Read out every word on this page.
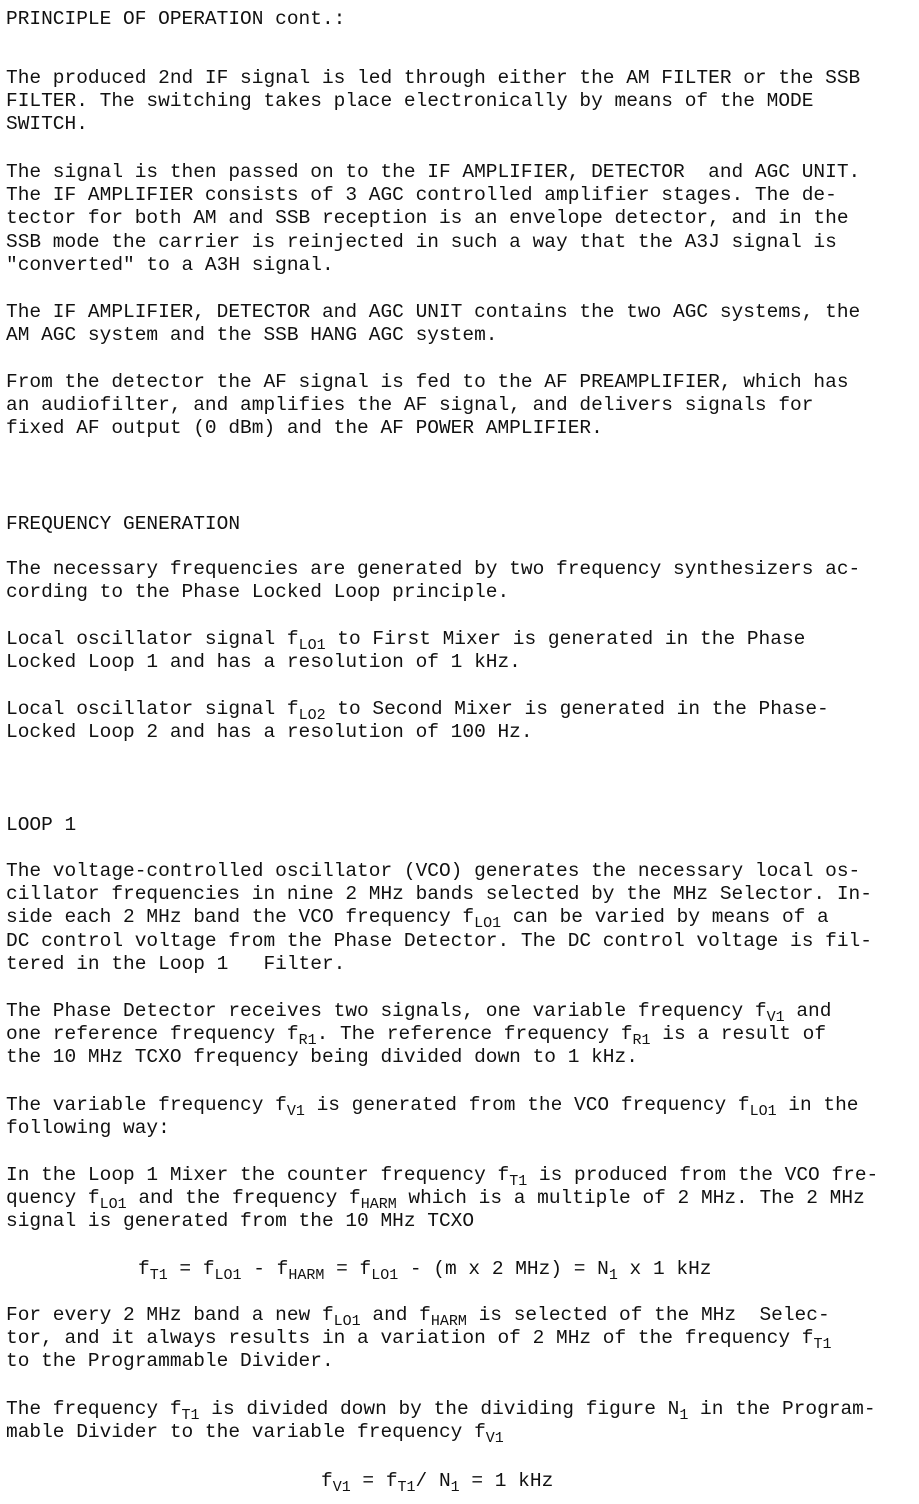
PRINCIPLE OF OPERATION cont.:

The produced 2nd IF signal is led through either the AM FILTER or the SSB
FILTER. The switching takes place electronically by means of the MODE
SWITCH.

The signal is then passed on to the IF AMPLIFIER, DETECTOR  and AGC UNIT.
The IF AMPLIFIER consists of 3 AGC controlled amplifier stages. The de-
tector for both AM and SSB reception is an envelope detector, and in the
SSB mode the carrier is reinjected in such a way that the A3J signal is
"converted" to a A3H signal.

The IF AMPLIFIER, DETECTOR and AGC UNIT contains the two AGC systems, the
AM AGC system and the SSB HANG AGC system.

From the detector the AF signal is fed to the AF PREAMPLIFIER, which has
an audiofilter, and amplifies the AF signal, and delivers signals for
fixed AF output (0 dBm) and the AF POWER AMPLIFIER.

FREQUENCY GENERATION

The necessary frequencies are generated by two frequency synthesizers ac-
cording to the Phase Locked Loop principle.

Local oscillator signal $f_{LO1}$ to First Mixer is generated in the Phase
Locked Loop 1 and has a resolution of 1 kHz.
Local oscillator signal $f_{LO2}$ to Second Mixer is generated in the Phase-
Locked Loop 2 and has a resolution of 100 Hz.

LOOP 1

The voltage-controlled oscillator (VCO) generates the necessary local os-
cillator frequencies in nine 2 MHz bands selected by the MHz Selector. In-
side each 2 MHz band the VCO frequency $f_{LO1}$ can be varied by means of a
DC control voltage from the Phase Detector. The DC control voltage is fil-
tered in the Loop 1   Filter.
The Phase Detector receives two signals, one variable frequency $f_{V1}$ and
one reference frequency $f_{R1}$. The reference frequency $f_{R1}$ is a result of
the 10 MHz TCXO frequency being divided down to 1 kHz.
The variable frequency $f_{V1}$ is generated from the VCO frequency $f_{LO1}$ in the
following way:
In the Loop 1 Mixer the counter frequency $f_{T1}$ is produced from the VCO fre-
quency $f_{LO1}$ and the frequency $f_{HARM}$ which is a multiple of 2 MHz. The 2 MHz
signal is generated from the 10 MHz TCXO
$f_{T1} = f_{LO1} - f_{HARM} = f_{LO1} - (m$ x 2 $MHz) = N_1$ x 1 kHz
For every 2 MHz band a new $f_{LO1}$ and $f_{HARM}$ is selected of the MHz  Selec-
tor, and it always results in a variation of 2 MHz of the frequency $f_{T1}$
to the Programmable Divider.
The frequency $f_{T1}$ is divided down by the dividing figure $N_1$ in the Program-
mable Divider to the variable frequency $f_{V1}$
$f_{V1} = f_{T1}/$ $N_1 = 1$ kHz
